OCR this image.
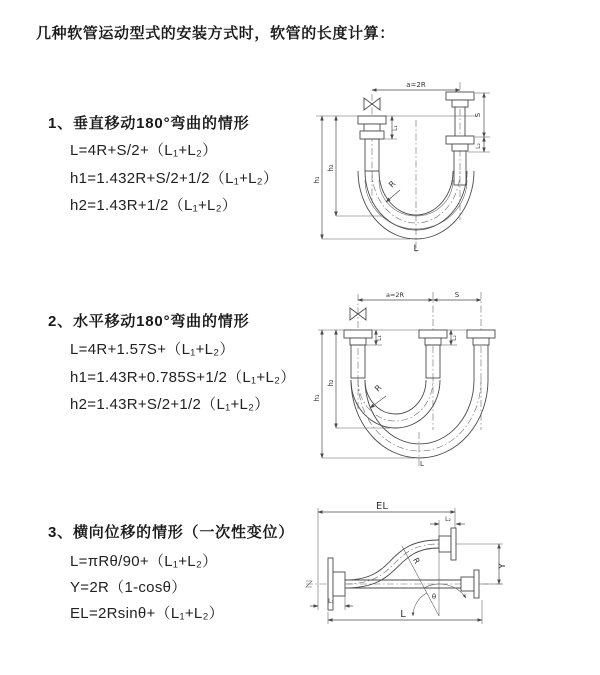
几种软管运动型式的安装方式时，软管的长度计算：
1、垂直移动180°弯曲的情形
L=4R+S/2+（L₁+L₂）
h1=1.432R+S/2+1/2（L₁+L₂）
h2=1.43R+1/2（L₁+L₂）
2、水平移动180°弯曲的情形
L=4R+1.57S+（L₁+L₂）
h1=1.43R+0.785S+1/2（L₁+L₂）
h2=1.43R+S/2+1/2（L₁+L₂）
3、横向位移的情形（一次性变位）
L=πRθ/90+（L₁+L₂）
Y=2R（1-cosθ）
EL=2Rsinθ+（L₁+L₂）
a=2R
h₁
h₂
L₁
S
L₂
R
L
a=2R	S
h₁
h₂
L₁	L₂
R
L
EL
L₂
R
θ
Y
L₁
L
